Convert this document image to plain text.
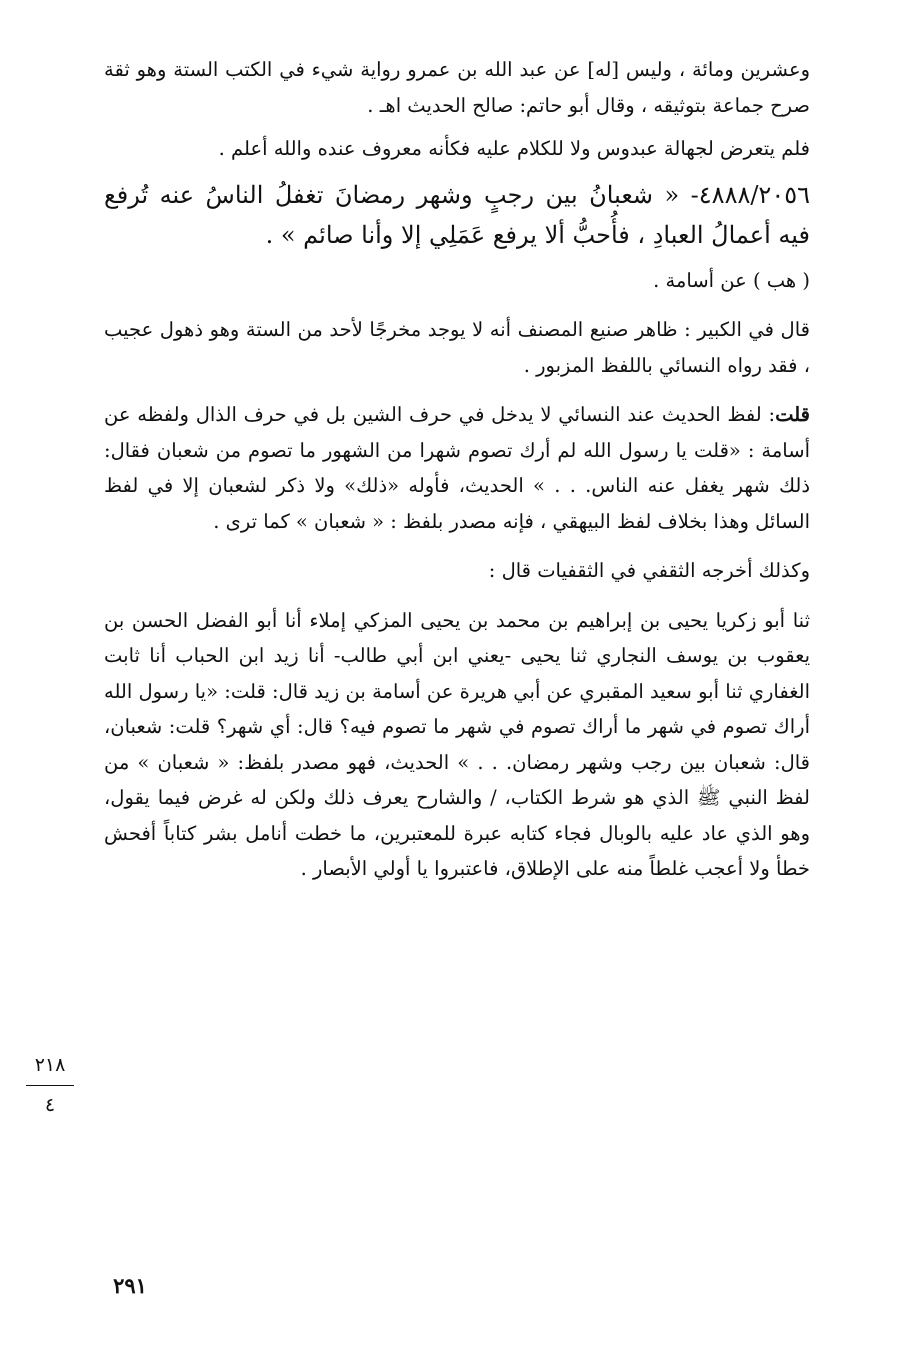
وعشرين ومائة ، وليس [له] عن عبد الله بن عمرو رواية شيء في الكتب الستة وهو ثقة صرح جماعة بتوثيقه ، وقال أبو حاتم: صالح الحديث اهـ .

فلم يتعرض لجهالة عبدوس ولا للكلام عليه فكأنه معروف عنده والله أعلم .

٤٨٨٨/٢٠٥٦- « شعبانُ بين رجبٍ وشهر رمضانَ تغفلُ الناسُ عنه تُرفع فيه أعمالُ العبادِ ، فأُحبُّ ألا يرفع عَمَلِي إلا وأنا صائم » .

( هب ) عن أسامة .

قال في الكبير : ظاهر صنيع المصنف أنه لا يوجد مخرجًا لأحد من الستة وهو ذهول عجيب ، فقد رواه النسائي باللفظ المزبور .

قلت: لفظ الحديث عند النسائي لا يدخل في حرف الشين بل في حرف الذال ولفظه عن أسامة : «قلت يا رسول الله لم أرك تصوم شهرا من الشهور ما تصوم من شعبان فقال: ذلك شهر يغفل عنه الناس. . . » الحديث، فأوله «ذلك» ولا ذكر لشعبان إلا في لفظ السائل وهذا بخلاف لفظ البيهقي ، فإنه مصدر بلفظ : « شعبان » كما ترى .

وكذلك أخرجه الثقفي في الثقفيات قال :

ثنا أبو زكريا يحيى بن إبراهيم بن محمد بن يحيى المزكي إملاء أنا أبو الفضل الحسن بن يعقوب بن يوسف النجاري ثنا يحيى -يعني ابن أبي طالب- أنا زيد ابن الحباب أنا ثابت الغفاري ثنا أبو سعيد المقبري عن أبي هريرة عن أسامة بن زيد قال: قلت: «يا رسول الله أراك تصوم في شهر ما أراك تصوم في شهر ما تصوم فيه؟ قال: أي شهر؟ قلت: شعبان، قال: شعبان بين رجب وشهر رمضان. . . » الحديث، فهو مصدر بلفظ: « شعبان » من لفظ النبي ﷺ الذي هو شرط الكتاب، / والشارح يعرف ذلك ولكن له غرض فيما يقول، وهو الذي عاد عليه بالوبال فجاء كتابه عبرة للمعتبرين، ما خطت أنامل بشر كتاباً أفحش خطأ ولا أعجب غلطاً منه على الإطلاق، فاعتبروا يا أولي الأبصار .

٢١٨
٤
٢٩١
